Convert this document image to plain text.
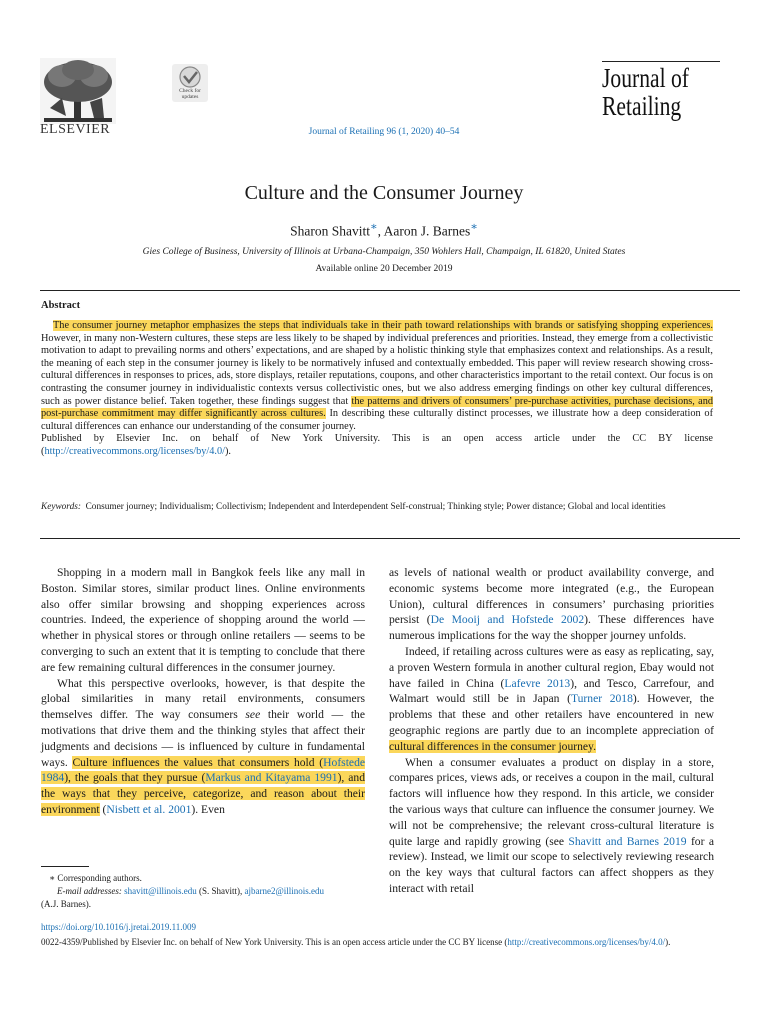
ELSEVIER
Check for updates
Journal of Retailing 96 (1, 2020) 40–54
Journal of
Retailing
Culture and the Consumer Journey
Sharon Shavitt∗, Aaron J. Barnes∗
Gies College of Business, University of Illinois at Urbana-Champaign, 350 Wohlers Hall, Champaign, IL 61820, United States
Available online 20 December 2019
Abstract

The consumer journey metaphor emphasizes the steps that individuals take in their path toward relationships with brands or satisfying shopping experiences. However, in many non-Western cultures, these steps are less likely to be shaped by individual preferences and priorities. Instead, they emerge from a collectivistic motivation to adapt to prevailing norms and others’ expectations, and are shaped by a holistic thinking style that emphasizes context and relationships. As a result, the meaning of each step in the consumer journey is likely to be normatively infused and contextually embedded. This paper will review research showing cross-cultural differences in responses to prices, ads, store displays, retailer reputations, coupons, and other characteristics important to the retail context. Our focus is on contrasting the consumer journey in individualistic contexts versus collectivistic ones, but we also address emerging findings on other key cultural differences, such as power distance belief. Taken together, these findings suggest that the patterns and drivers of consumers’ pre-purchase activities, purchase decisions, and post-purchase commitment may differ significantly across cultures. In describing these culturally distinct processes, we illustrate how a deep consideration of cultural differences can enhance our understanding of the consumer journey.

Published by Elsevier Inc. on behalf of New York University. This is an open access article under the CC BY license (http://creativecommons.org/licenses/by/4.0/).

Keywords: Consumer journey; Individualism; Collectivism; Independent and Interdependent Self-construal; Thinking style; Power distance; Global and local identities

Shopping in a modern mall in Bangkok feels like any mall in Boston. Similar stores, similar product lines. Online environments also offer similar browsing and shopping experiences across countries. Indeed, the experience of shopping around the world — whether in physical stores or through online retailers — seems to be converging to such an extent that it is tempting to conclude that there are few remaining cultural differences in the consumer journey.

What this perspective overlooks, however, is that despite the global similarities in many retail environments, consumers themselves differ. The way consumers see their world — the motivations that drive them and the thinking styles that affect their judgments and decisions — is influenced by culture in fundamental ways. Culture influences the values that consumers hold (Hofstede 1984), the goals that they pursue (Markus and Kitayama 1991), and the ways that they perceive, categorize, and reason about their environment (Nisbett et al. 2001). Even

as levels of national wealth or product availability converge, and economic systems become more integrated (e.g., the European Union), cultural differences in consumers’ purchasing priorities persist (De Mooij and Hofstede 2002). These differences have numerous implications for the way the shopper journey unfolds.

Indeed, if retailing across cultures were as easy as replicating, say, a proven Western formula in another cultural region, Ebay would not have failed in China (Lafevre 2013), and Tesco, Carrefour, and Walmart would still be in Japan (Turner 2018). However, the problems that these and other retailers have encountered in new geographic regions are partly due to an incomplete appreciation of cultural differences in the consumer journey.

When a consumer evaluates a product on display in a store, compares prices, views ads, or receives a coupon in the mail, cultural factors will influence how they respond. In this article, we consider the various ways that culture can influence the consumer journey. We will not be comprehensive; the relevant cross-cultural literature is quite large and rapidly growing (see Shavitt and Barnes 2019 for a review). Instead, we limit our scope to selectively reviewing research on the key ways that cultural factors can affect shoppers as they interact with retail

∗ Corresponding authors.

E-mail addresses: shavitt@illinois.edu (S. Shavitt), ajbarne2@illinois.edu

(A.J. Barnes).

https://doi.org/10.1016/j.jretai.2019.11.009
0022-4359/Published by Elsevier Inc. on behalf of New York University. This is an open access article under the CC BY license (http://creativecommons.org/licenses/by/4.0/).
